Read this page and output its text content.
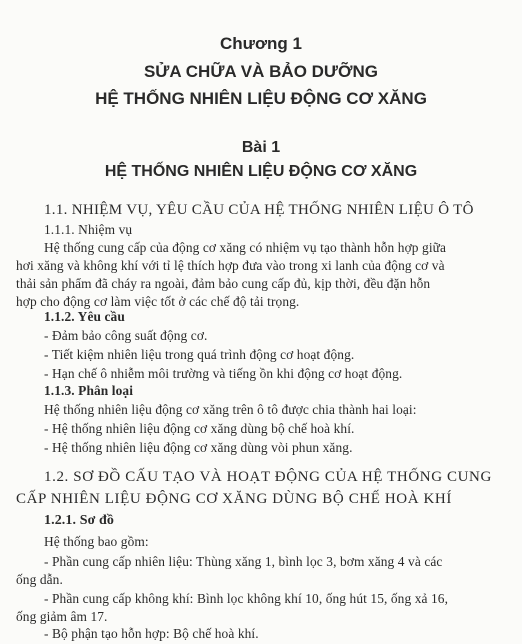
Chương 1
SỬA CHỮA VÀ BẢO DƯỠNG
HỆ THỐNG NHIÊN LIỆU ĐỘNG CƠ XĂNG
Bài 1
HỆ THỐNG NHIÊN LIỆU ĐỘNG CƠ XĂNG
1.1. NHIỆM VỤ, YÊU CẦU CỦA HỆ THỐNG NHIÊN LIỆU Ô TÔ
1.1.1. Nhiệm vụ
Hệ thống cung cấp của động cơ xăng có nhiệm vụ tạo thành hỗn hợp giữa
hơi xăng và không khí với tỉ lệ thích hợp đưa vào trong xi lanh của động cơ và
thải sản phẩm đã cháy ra ngoài, đảm bảo cung cấp đủ, kịp thời, đều đặn hỗn
hợp cho động cơ làm việc tốt ở các chế độ tải trọng.
1.1.2. Yêu cầu
- Đảm bảo công suất động cơ.
- Tiết kiệm nhiên liệu trong quá trình động cơ hoạt động.
- Hạn chế ô nhiễm môi trường và tiếng ồn khi động cơ hoạt động.
1.1.3. Phân loại
Hệ thống nhiên liệu động cơ xăng trên ô tô được chia thành hai loại:
- Hệ thống nhiên liệu động cơ xăng dùng bộ chế hoà khí.
- Hệ thống nhiên liệu động cơ xăng dùng vòi phun xăng.
1.2. SƠ ĐỒ CẤU TẠO VÀ HOẠT ĐỘNG CỦA HỆ THỐNG CUNG
CẤP NHIÊN LIỆU ĐỘNG CƠ XĂNG DÙNG BỘ CHẾ HOÀ KHÍ
1.2.1. Sơ đồ
Hệ thống bao gồm:
- Phần cung cấp nhiên liệu: Thùng xăng 1, bình lọc 3, bơm xăng 4 và các
ống dẫn.
- Phần cung cấp không khí: Bình lọc không khí 10, ống hút 15, ống xả 16,
ống giảm âm 17.
- Bộ phận tạo hỗn hợp: Bộ chế hoà khí.
